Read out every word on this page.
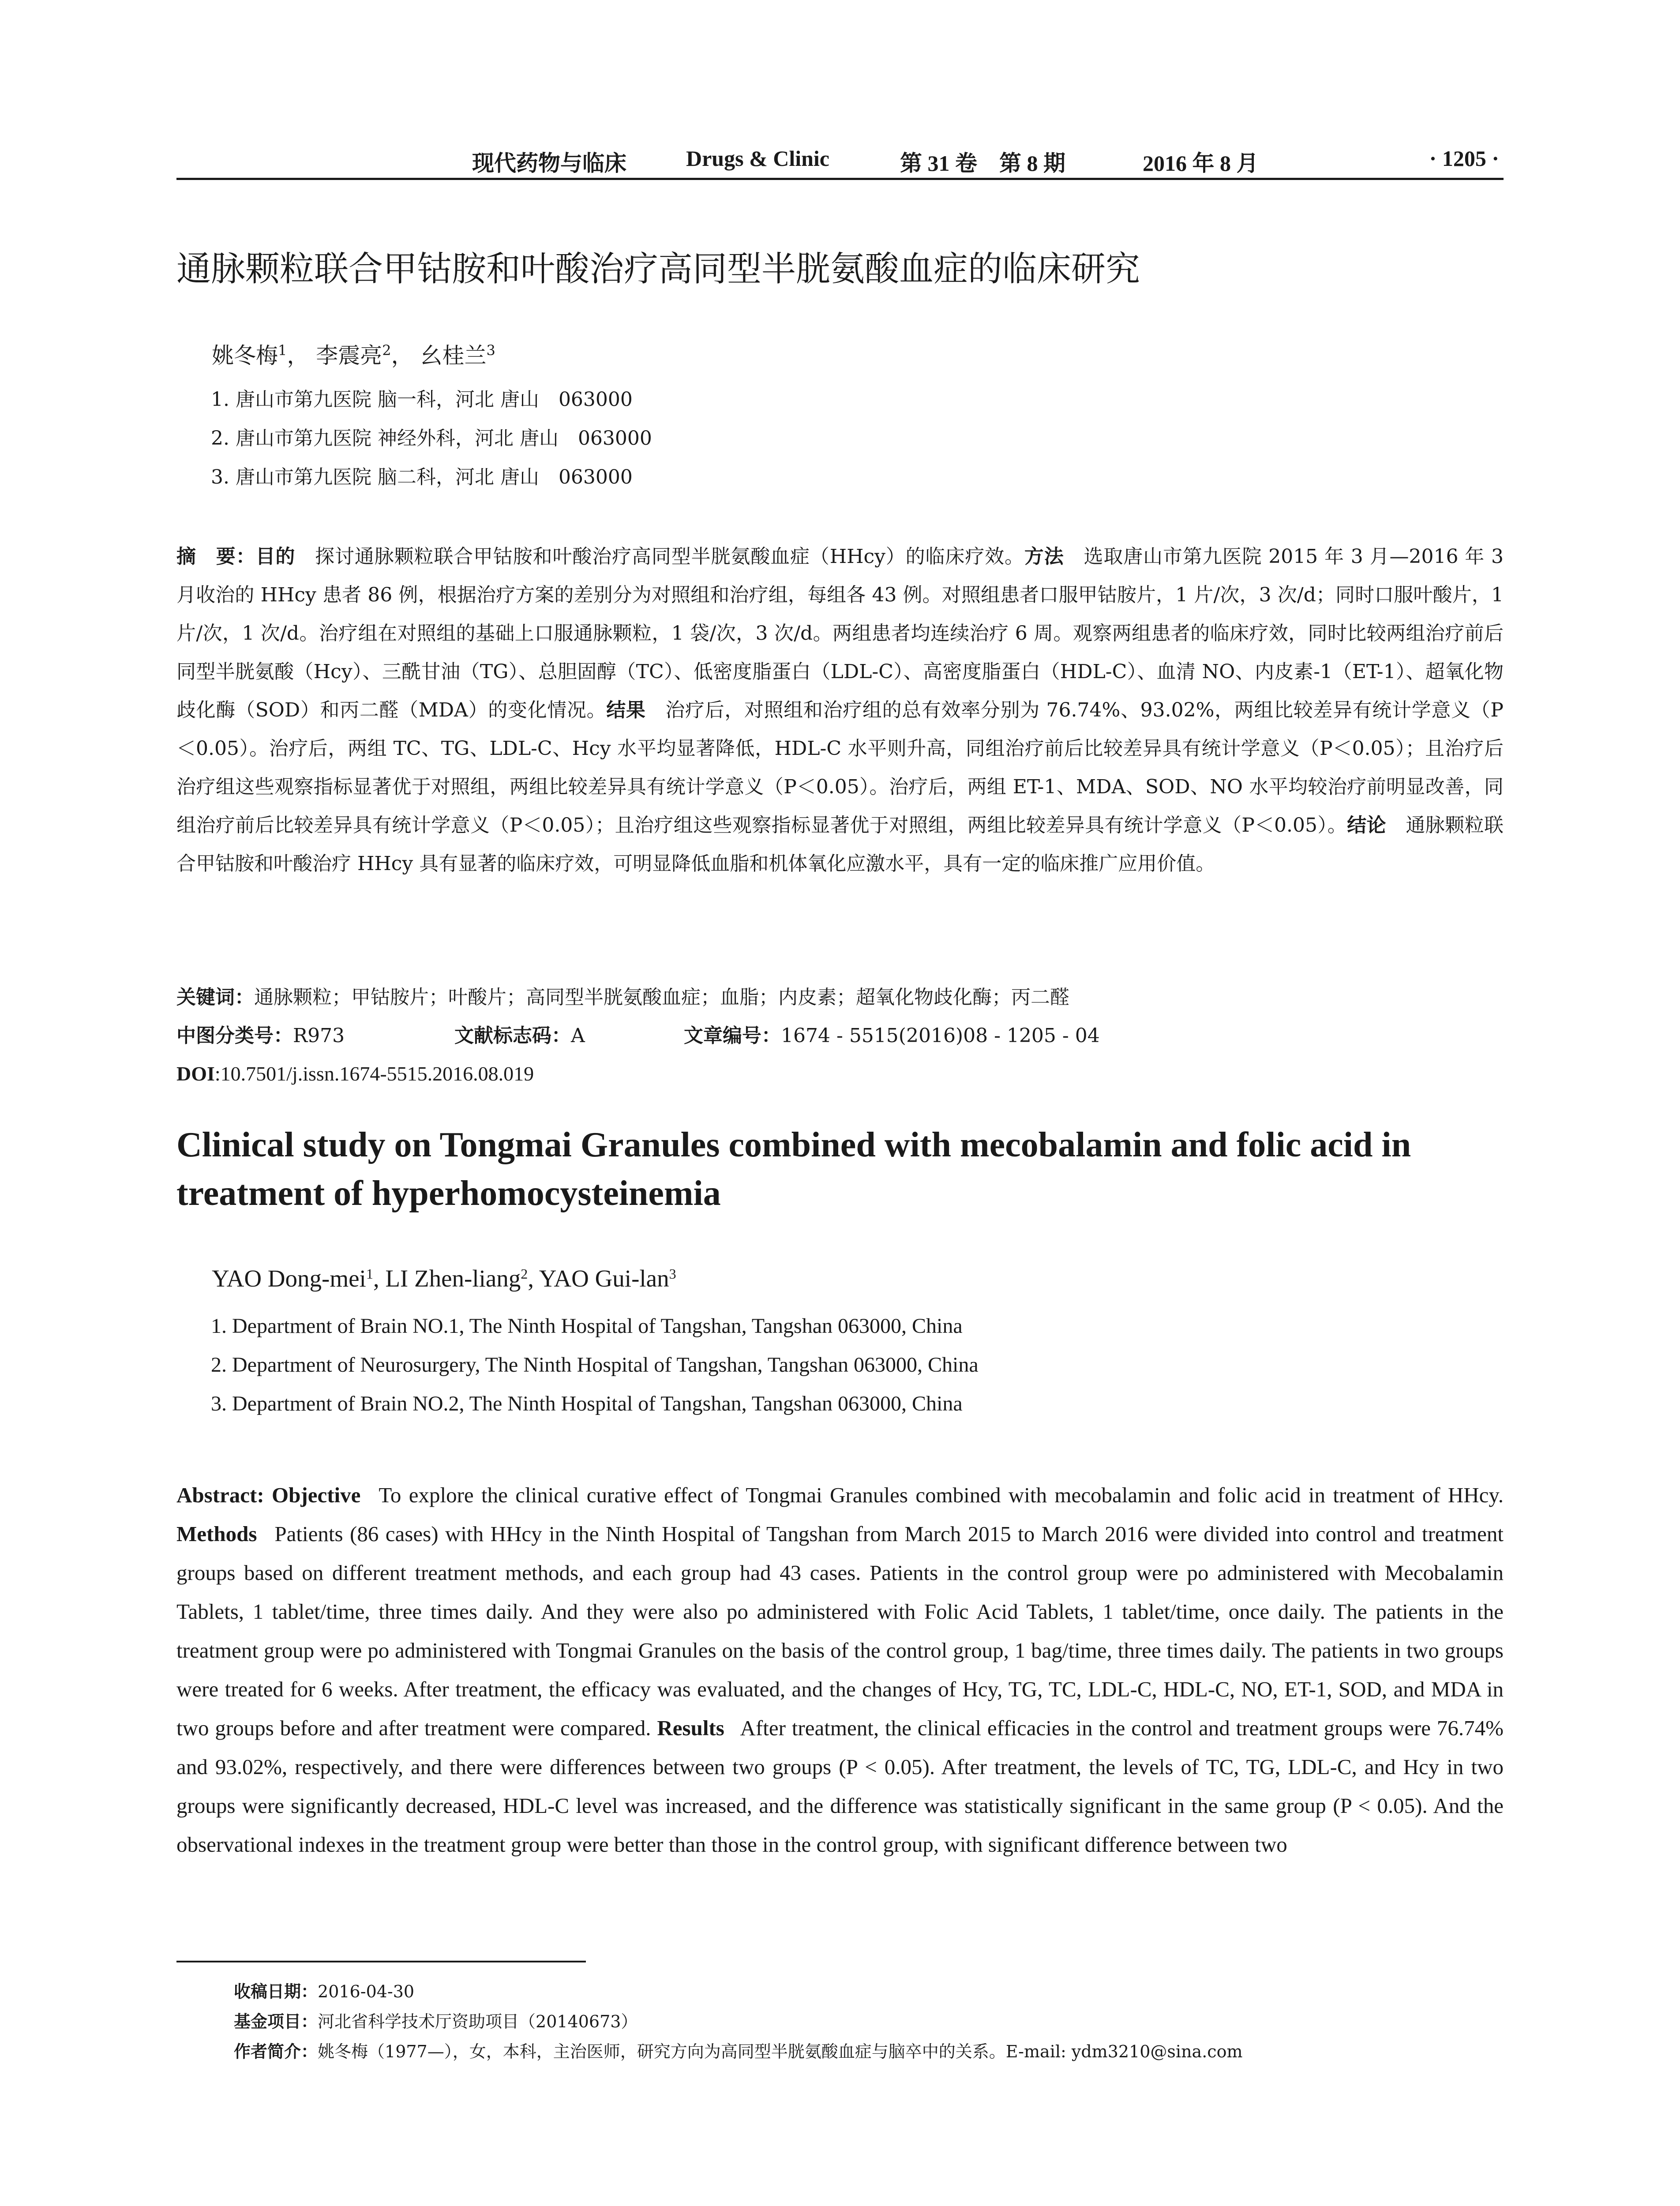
现代药物与临床	Drugs & Clinic	第 31 卷　第 8 期	2016 年 8 月	· 1205 ·
通脉颗粒联合甲钴胺和叶酸治疗高同型半胱氨酸血症的临床研究
姚冬梅$^1$， 李震亮$^2$， 幺桂兰$^3$
1. 唐山市第九医院 脑一科，河北 唐山　063000
2. 唐山市第九医院 神经外科，河北 唐山　063000
3. 唐山市第九医院 脑二科，河北 唐山　063000

摘　要：目的  探讨通脉颗粒联合甲钴胺和叶酸治疗高同型半胱氨酸血症（HHcy）的临床疗效。方法  选取唐山市第九医院 2015 年 3 月—2016 年 3 月收治的 HHcy 患者 86 例，根据治疗方案的差别分为对照组和治疗组，每组各 43 例。对照组患者口服甲钴胺片，1 片/次，3 次/d；同时口服叶酸片，1 片/次，1 次/d。治疗组在对照组的基础上口服通脉颗粒，1 袋/次，3 次/d。两组患者均连续治疗 6 周。观察两组患者的临床疗效，同时比较两组治疗前后同型半胱氨酸（Hcy）、三酰甘油（TG）、总胆固醇（TC）、低密度脂蛋白（LDL-C）、高密度脂蛋白（HDL-C）、血清 NO、内皮素-1（ET-1）、超氧化物歧化酶（SOD）和丙二醛（MDA）的变化情况。结果  治疗后，对照组和治疗组的总有效率分别为 76.74%、93.02%，两组比较差异有统计学意义（P＜0.05）。治疗后，两组 TC、TG、LDL-C、Hcy 水平均显著降低，HDL-C 水平则升高，同组治疗前后比较差异具有统计学意义（P＜0.05）；且治疗后治疗组这些观察指标显著优于对照组，两组比较差异具有统计学意义（P＜0.05）。治疗后，两组 ET-1、MDA、SOD、NO 水平均较治疗前明显改善，同组治疗前后比较差异具有统计学意义（P＜0.05）；且治疗组这些观察指标显著优于对照组，两组比较差异具有统计学意义（P＜0.05）。结论  通脉颗粒联合甲钴胺和叶酸治疗 HHcy 具有显著的临床疗效，可明显降低血脂和机体氧化应激水平，具有一定的临床推广应用价值。

关键词：通脉颗粒；甲钴胺片；叶酸片；高同型半胱氨酸血症；血脂；内皮素；超氧化物歧化酶；丙二醛
中图分类号：R973	文献标志码：A	文章编号：1674 - 5515(2016)08 - 1205 - 04
DOI:10.7501/j.issn.1674-5515.2016.08.019
Clinical study on Tongmai Granules combined with mecobalamin and folic acid in treatment of hyperhomocysteinemia
YAO Dong-mei$^1$, LI Zhen-liang$^2$, YAO Gui-lan$^3$
1. Department of Brain NO.1, The Ninth Hospital of Tangshan, Tangshan 063000, China
2. Department of Neurosurgery, The Ninth Hospital of Tangshan, Tangshan 063000, China
3. Department of Brain NO.2, The Ninth Hospital of Tangshan, Tangshan 063000, China

Abstract: Objective  To explore the clinical curative effect of Tongmai Granules combined with mecobalamin and folic acid in treatment of HHcy. Methods  Patients (86 cases) with HHcy in the Ninth Hospital of Tangshan from March 2015 to March 2016 were divided into control and treatment groups based on different treatment methods, and each group had 43 cases. Patients in the control group were po administered with Mecobalamin Tablets, 1 tablet/time, three times daily. And they were also po administered with Folic Acid Tablets, 1 tablet/time, once daily. The patients in the treatment group were po administered with Tongmai Granules on the basis of the control group, 1 bag/time, three times daily. The patients in two groups were treated for 6 weeks. After treatment, the efficacy was evaluated, and the changes of Hcy, TG, TC, LDL-C, HDL-C, NO, ET-1, SOD, and MDA in two groups before and after treatment were compared. Results  After treatment, the clinical efficacies in the control and treatment groups were 76.74% and 93.02%, respectively, and there were differences between two groups (P < 0.05). After treatment, the levels of TC, TG, LDL-C, and Hcy in two groups were significantly decreased, HDL-C level was increased, and the difference was statistically significant in the same group (P < 0.05). And the observational indexes in the treatment group were better than those in the control group, with significant difference between two

收稿日期：2016-04-30
基金项目：河北省科学技术厅资助项目（20140673）
作者简介：姚冬梅（1977—），女，本科，主治医师，研究方向为高同型半胱氨酸血症与脑卒中的关系。E-mail: ydm3210@sina.com
